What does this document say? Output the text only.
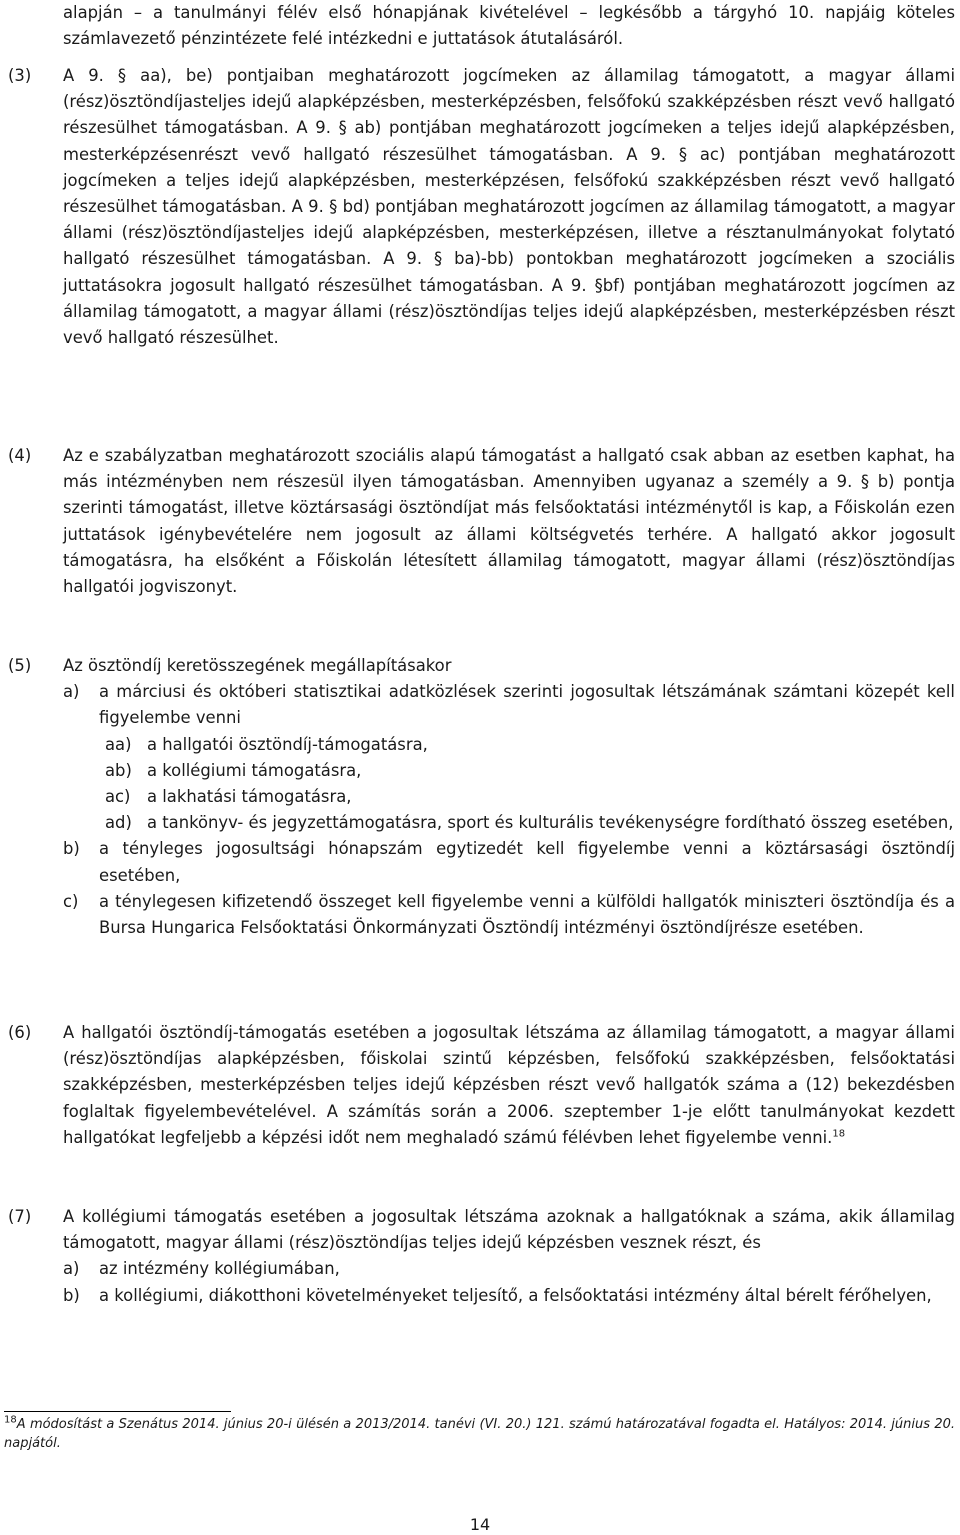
alapján – a tanulmányi félév első hónapjának kivételével – legkésőbb a tárgyhó 10. napjáig köteles számlavezető pénzintézete felé intézkedni e juttatások átutalásáról.

(3)	A 9. § aa), be) pontjaiban meghatározott jogcímeken az államilag támogatott, a magyar állami (rész)ösztöndíjasteljes idejű alapképzésben, mesterképzésben, felsőfokú szakképzésben részt vevő hallgató részesülhet támogatásban. A 9. § ab) pontjában meghatározott jogcímeken a teljes idejű alapképzésben, mesterképzésenrészt vevő hallgató részesülhet támogatásban. A 9. § ac) pontjában meghatározott jogcímeken a teljes idejű alapképzésben, mesterképzésen, felsőfokú szakképzésben részt vevő hallgató részesülhet támogatásban. A 9. § bd) pontjában meghatározott jogcímen az államilag támogatott, a magyar állami (rész)ösztöndíjasteljes idejű alapképzésben, mesterképzésen, illetve a résztanulmányokat folytató hallgató részesülhet támogatásban. A 9. § ba)-bb) pontokban meghatározott jogcímeken a szociális juttatásokra jogosult hallgató részesülhet támogatásban. A 9. §bf) pontjában meghatározott jogcímen az államilag támogatott, a magyar állami (rész)ösztöndíjas teljes idejű alapképzésben, mesterképzésben részt vevő hallgató részesülhet.

(4)	Az e szabályzatban meghatározott szociális alapú támogatást a hallgató csak abban az esetben kaphat, ha más intézményben nem részesül ilyen támogatásban. Amennyiben ugyanaz a személy a 9. § b) pontja szerinti támogatást, illetve köztársasági ösztöndíjat más felsőoktatási intézménytől is kap, a Főiskolán ezen juttatások igénybevételére nem jogosult az állami költségvetés terhére. A hallgató akkor jogosult támogatásra, ha elsőként a Főiskolán létesített államilag támogatott, magyar állami (rész)ösztöndíjas hallgatói jogviszonyt.

(5)	Az ösztöndíj keretösszegének megállapításakor

a) a márciusi és októberi statisztikai adatközlések szerinti jogosultak létszámának számtani közepét kell figyelembe venni
aa) a hallgatói ösztöndíj-támogatásra,
ab) a kollégiumi támogatásra,
ac) a lakhatási támogatásra,
ad) a tankönyv- és jegyzettámogatásra, sport és kulturális tevékenységre fordítható összeg esetében,
b) a tényleges jogosultsági hónapszám egytizedét kell figyelembe venni a köztársasági ösztöndíj esetében,
c) a ténylegesen kifizetendő összeget kell figyelembe venni a külföldi hallgatók miniszteri ösztöndíja és a Bursa Hungarica Felsőoktatási Önkormányzati Ösztöndíj intézményi ösztöndíjrésze esetében.
(6)	A hallgatói ösztöndíj-támogatás esetében a jogosultak létszáma az államilag támogatott, a magyar állami (rész)ösztöndíjas alapképzésben, főiskolai szintű képzésben, felsőfokú szakképzésben, felsőoktatási szakképzésben, mesterképzésben teljes idejű képzésben részt vevő hallgatók száma a (12) bekezdésben foglaltak figyelembevételével. A számítás során a 2006. szeptember 1-je előtt tanulmányokat kezdett hallgatókat legfeljebb a képzési időt nem meghaladó számú félévben lehet figyelembe venni.$^{18}$

(7)	A kollégiumi támogatás esetében a jogosultak létszáma azoknak a hallgatóknak a száma, akik államilag támogatott, magyar állami (rész)ösztöndíjas teljes idejű képzésben vesznek részt, és

a) az intézmény kollégiumában,
b) a kollégiumi, diákotthoni követelményeket teljesítő, a felsőoktatási intézmény által bérelt férőhelyen,
$^{18}$A módosítást a Szenátus 2014. június 20-i ülésén a 2013/2014. tanévi (VI. 20.) 121. számú határozatával fogadta el. Hatályos: 2014. június 20. napjától.
14
